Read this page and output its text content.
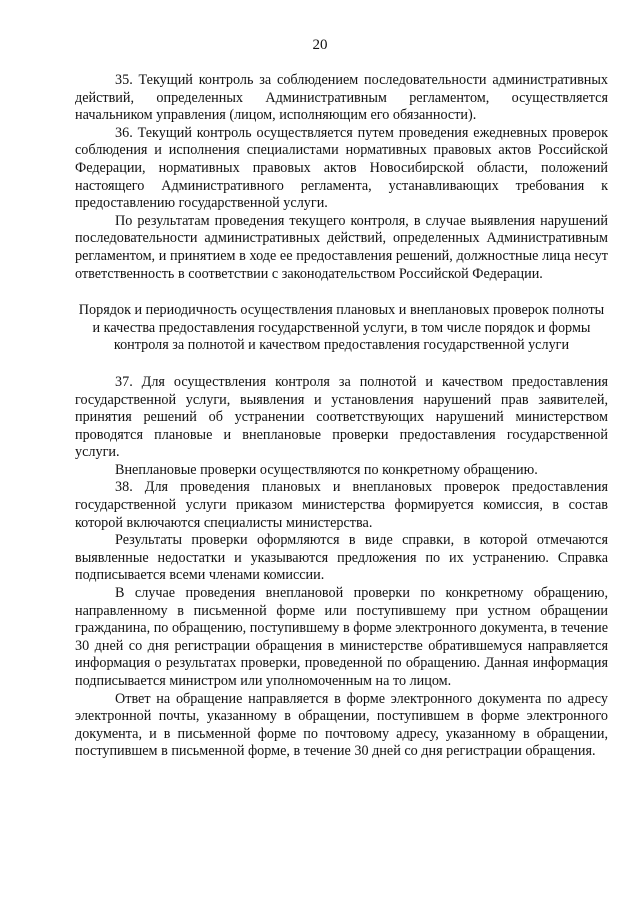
20

35. Текущий контроль за соблюдением последовательности административных действий, определенных Административным регламентом, осуществляется начальником управления (лицом, исполняющим его обязанности).

36. Текущий контроль осуществляется путем проведения ежедневных проверок соблюдения и исполнения специалистами нормативных правовых актов Российской Федерации, нормативных правовых актов Новосибирской области, положений настоящего Административного регламента, устанавливающих требования к предоставлению государственной услуги.

По результатам проведения текущего контроля, в случае выявления нарушений последовательности административных действий, определенных Административным регламентом, и принятием в ходе ее предоставления решений, должностные лица несут ответственность в соответствии с законодательством Российской Федерации.

Порядок и периодичность осуществления плановых и внеплановых проверок полноты и качества предоставления государственной услуги, в том числе порядок и формы контроля за полнотой и качеством предоставления государственной услуги

37. Для осуществления контроля за полнотой и качеством предоставления государственной услуги, выявления и установления нарушений прав заявителей, принятия решений об устранении соответствующих нарушений министерством проводятся плановые и внеплановые проверки предоставления государственной услуги.

Внеплановые проверки осуществляются по конкретному обращению.

38. Для проведения плановых и внеплановых проверок предоставления государственной услуги приказом министерства формируется комиссия, в состав которой включаются специалисты министерства.

Результаты проверки оформляются в виде справки, в которой отмечаются выявленные недостатки и указываются предложения по их устранению. Справка подписывается всеми членами комиссии.

В случае проведения внеплановой проверки по конкретному обращению, направленному в письменной форме или поступившему при устном обращении гражданина, по обращению, поступившему в форме электронного документа, в течение 30 дней со дня регистрации обращения в министерстве обратившемуся направляется информация о результатах проверки, проведенной по обращению. Данная информация подписывается министром или уполномоченным на то лицом.

Ответ на обращение направляется в форме электронного документа по адресу электронной почты, указанному в обращении, поступившем в форме электронного документа, и в письменной форме по почтовому адресу, указанному в обращении, поступившем в письменной форме, в течение 30 дней со дня регистрации обращения.
